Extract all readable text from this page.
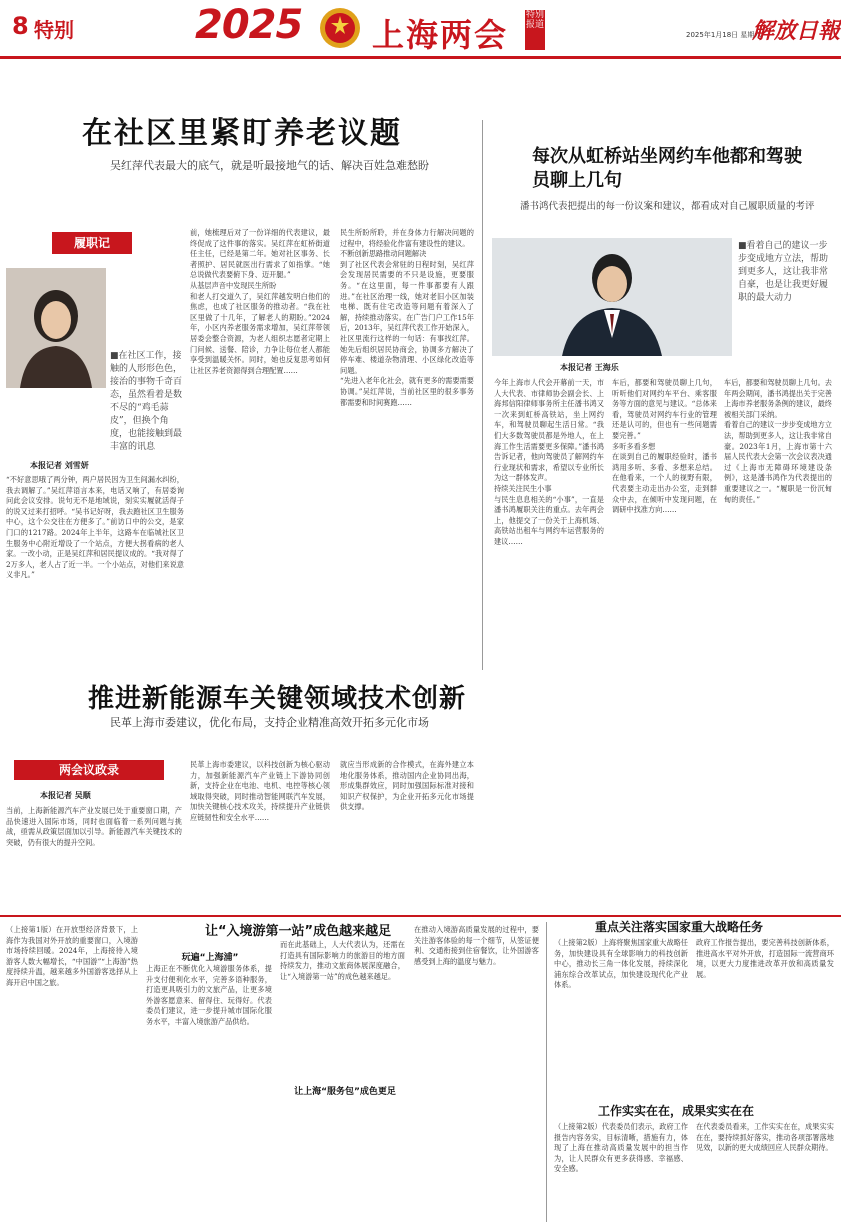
8 特别	2025 上海两会
特别报道
2025年1月18日 星期六
解放日報
在社区里紧盯养老议题
吴红萍代表最大的底气，就是听最接地气的话、解决百姓急难愁盼
履职记
■在社区工作，接触的人形形色色，接治的事物千奇百态，虽然看着是数不尽的“鸡毛蒜皮”，但换个角度，也能接触到最丰富的讯息
本报记者 刘雪妍
“不好意思哦了两分钟，两户居民因为卫生间漏水纠纷，我去调解了。”吴红萍语言本来，电话又响了，有居委询问此会议安排。说句无不是地域说，刻实实履就活得子的说又过来打招呼。“吴书记好呀，我去跑社区卫生服务中心，这个公交往在方便多了。”前访口中的公交，是家门口的1217路。2024年上半年，这路车在临城社区卫生服务中心附近增设了一个站点，方便大拐看病的老人家。一改小动，正是吴红萍和居民提议成的。“我对得了2万多人，老人占了近一半。一个小站点，对他们来说意义非凡。”
前，她梳理后对了一份详细的代表建议，最终促成了这件事的落实。吴红萍在虹桥街道任主任，已经是第二年。她对社区事务、长者照护、居民就医出行需求了如指掌。“她总说做代表要俯下身、迈开腿。”
从基层声音中发现民生所盼
和老人打交道久了，吴红萍越发明白他们的焦虑，也成了社区服务的推动者。“我在社区里做了十几年，了解老人的期盼。”2024年，小区内养老服务需求增加，吴红萍带领居委会整合资源，为老人组织志愿者定期上门问候、送餐、陪诊，力争让每位老人都能享受到温暖关怀。同时，她也反复思考如何让社区养老资源得到合理配置……
民生所盼所聆，并在身体力行解决问题的过程中，将经验化作富有建设性的建议。
不断创新思路推动问题解决
到了社区代表会常驻的日程时刻，吴红萍会发现居民需要的不只是设施，更要服务。“在这里面，每一件事都要有人跟进。”在社区治理一线，她对老旧小区加装电梯、既有住宅改造等问题有着深入了解，持续推动落实。在广告门户工作15年后，2013年，吴红萍代表工作开始深入，社区里流行这样的一句话：有事找红萍。她先后组织居民协商会，协调多方解决了停车难、楼道杂物清理、小区绿化改造等问题。
“先进入老年化社会，就有更多的需要需要协调。”吴红萍说，当前社区里的很多事务都需要和时间赛跑……
每次从虹桥站坐网约车他都和驾驶员聊上几句
潘书鸿代表把提出的每一份议案和建议，都看成对自己履职质量的考评
■看着自己的建议一步步变成地方立法，帮助到更多人，这让我非常自豪，也是让我更好履职的最大动力
本报记者 王海乐
今年上海市人代会开幕前一天，市人大代表、市律师协会副会长、上海邦信阳律师事务所主任潘书鸿又一次来到虹桥高铁站，坐上网约车，和驾驶员聊起生活日常。“我们大多数驾驶员都是外地人，在上海工作生活需要更多保障。”潘书鸿告诉记者，他向驾驶员了解网约车行业现状和需求，希望以专业所长为这一群体发声。
持续关注民生小事
与民生息息相关的“小事”，一直是潘书鸿履职关注的重点。去年两会上，他提交了一份关于上海机场、高铁站出租车与网约车运营服务的建议……
车后，都要和驾驶员聊上几句，听听他们对网约车平台、乘客服务等方面的意见与建议。“总体来看，驾驶员对网约车行业的管理还是认可的，但也有一些问题需要完善。”
多听多看多想
在谈到自己的履职经验时，潘书鸿用多听、多看、多想来总结。在他看来，一个人的视野有限，代表要主动走出办公室，走到群众中去，在倾听中发现问题，在调研中找准方向……
车后，都要和驾驶员聊上几句。去年两会期间，潘书鸿提出关于完善上海市养老服务条例的建议，最终被相关部门采纳。
看着自己的建议一步步变成地方立法，帮助到更多人，这让我非常自豪。2023年1月，上海市第十六届人民代表大会第一次会议表决通过《上海市无障碍环境建设条例》，这是潘书鸿作为代表提出的重要建议之一。“履职是一份沉甸甸的责任。”
推进新能源车关键领域技术创新
民革上海市委建议，优化布局，支持企业精准高效开拓多元化市场
两会议政录
本报记者 吴顺
当前，上海新能源汽车产业发展已处于重要窗口期，产品快速进入国际市场，同时也面临着一系列问题与挑战，亟需从政策层面加以引导。新能源汽车关键技术的突破，仍有很大的提升空间。
民革上海市委建议，以科技创新为核心驱动力，加强新能源汽车产业链上下游协同创新，支持企业在电池、电机、电控等核心领域取得突破，同时推动智能网联汽车发展，加快关键核心技术攻关，持续提升产业链供应链韧性和安全水平……
就应当形成新的合作模式，在海外建立本地化服务体系，推动国内企业协同出海，形成集群效应，同时加强国际标准对接和知识产权保护，为企业开拓多元化市场提供支撑。
（上接第1版）在开放型经济背景下，上海作为我国对外开放的重要窗口，入境游市场持续回暖。2024年，上海接待入境游客人数大幅增长，“中国游”“上海游”热度持续升温，越来越多外国游客选择从上海开启中国之旅。
让“入境游第一站”成色越来越足
玩遍“上海浦”
上海正在不断优化入境游服务体系，提升支付便利化水平，完善多语种服务，打造更具吸引力的文旅产品，让更多境外游客愿意来、留得住、玩得好。代表委员们建议，进一步提升城市国际化服务水平，丰富入境旅游产品供给。
而在此基础上，人大代表认为，还需在打造具有国际影响力的旅游目的地方面持续发力，推动文旅商体展深度融合，让“入境游第一站”的成色越来越足。
让上海“服务包”成色更足
在推动入境游高质量发展的过程中，要关注游客体验的每一个细节，从签证便利、交通衔接到住宿餐饮，让外国游客感受到上海的温度与魅力。
重点关注落实国家重大战略任务
（上接第2版）上海将聚焦国家重大战略任务，加快建设具有全球影响力的科技创新中心，推动长三角一体化发展，持续深化浦东综合改革试点，加快建设现代化产业体系。
政府工作报告提出，要完善科技创新体系，推进高水平对外开放，打造国际一流营商环境，以更大力度推进改革开放和高质量发展。
工作实实在在，成果实实在在
（上接第2版）代表委员们表示，政府工作报告内容务实，目标清晰，措施有力，体现了上海在推动高质量发展中的担当作为，让人民群众有更多获得感、幸福感、安全感。
在代表委员看来，工作实实在在，成果实实在在，要持续抓好落实，推动各项部署落地见效，以新的更大成绩回应人民群众期待。
